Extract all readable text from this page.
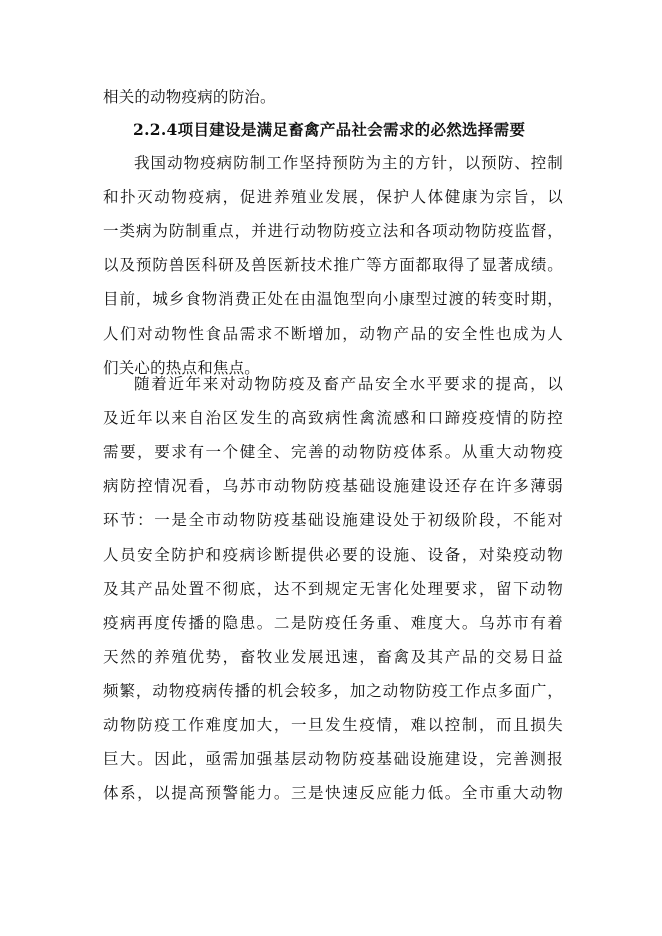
相关的动物疫病的防治。
2.2.4项目建设是满足畜禽产品社会需求的必然选择需要
我国动物疫病防制工作坚持预防为主的方针，以预防、控制
和扑灭动物疫病，促进养殖业发展，保护人体健康为宗旨，以
一类病为防制重点，并进行动物防疫立法和各项动物防疫监督，
以及预防兽医科研及兽医新技术推广等方面都取得了显著成绩。
目前，城乡食物消费正处在由温饱型向小康型过渡的转变时期，
人们对动物性食品需求不断增加，动物产品的安全性也成为人
们关心的热点和焦点。
随着近年来对动物防疫及畜产品安全水平要求的提高，以
及近年以来自治区发生的高致病性禽流感和口蹄疫疫情的防控
需要，要求有一个健全、完善的动物防疫体系。从重大动物疫
病防控情况看，乌苏市动物防疫基础设施建设还存在许多薄弱
环节：一是全市动物防疫基础设施建设处于初级阶段，不能对
人员安全防护和疫病诊断提供必要的设施、设备，对染疫动物
及其产品处置不彻底，达不到规定无害化处理要求，留下动物
疫病再度传播的隐患。二是防疫任务重、难度大。乌苏市有着
天然的养殖优势，畜牧业发展迅速，畜禽及其产品的交易日益
频繁，动物疫病传播的机会较多，加之动物防疫工作点多面广，
动物防疫工作难度加大，一旦发生疫情，难以控制，而且损失
巨大。因此，亟需加强基层动物防疫基础设施建设，完善测报
体系，以提高预警能力。三是快速反应能力低。全市重大动物
